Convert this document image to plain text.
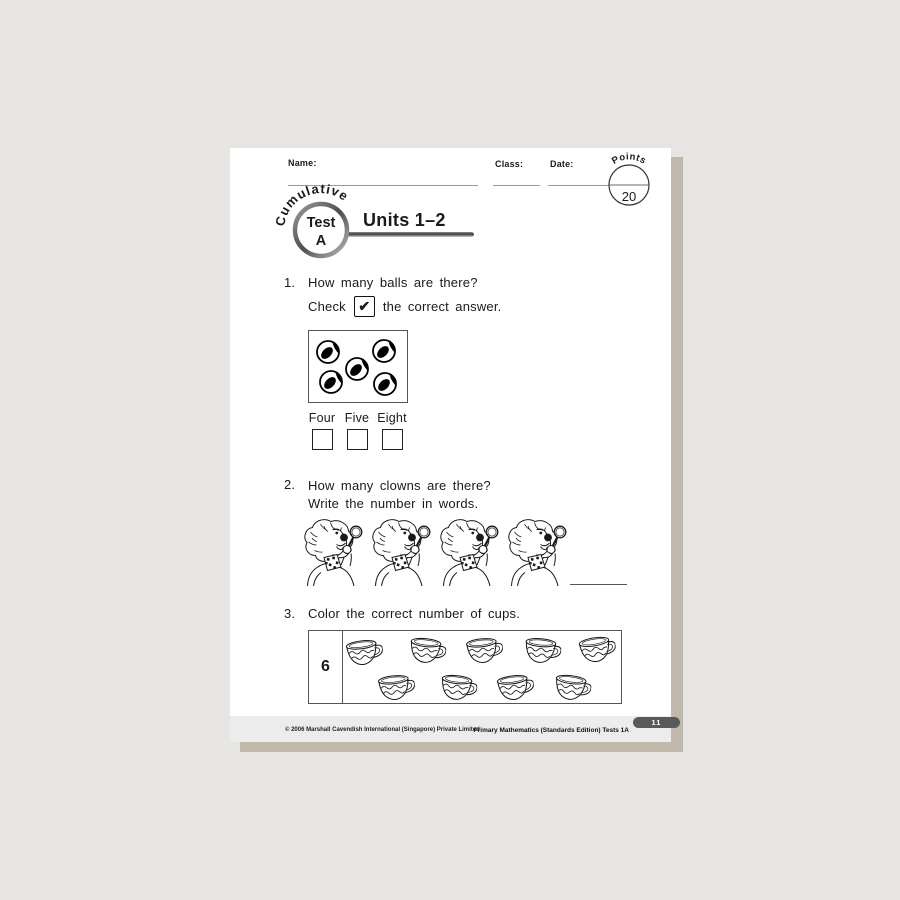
Name:	Class:	Date:	Points
20
Units 1–2
Cumulative
Test
A
1. How many balls are there?
Check ✔ the correct answer.
Four Five Eight
2. How many clowns are there?
Write the number in words.
3. Color the correct number of cups.
6
© 2006 Marshall Cavendish International (Singapore) Private Limited
Primary Mathematics (Standards Edition) Tests 1A
11
